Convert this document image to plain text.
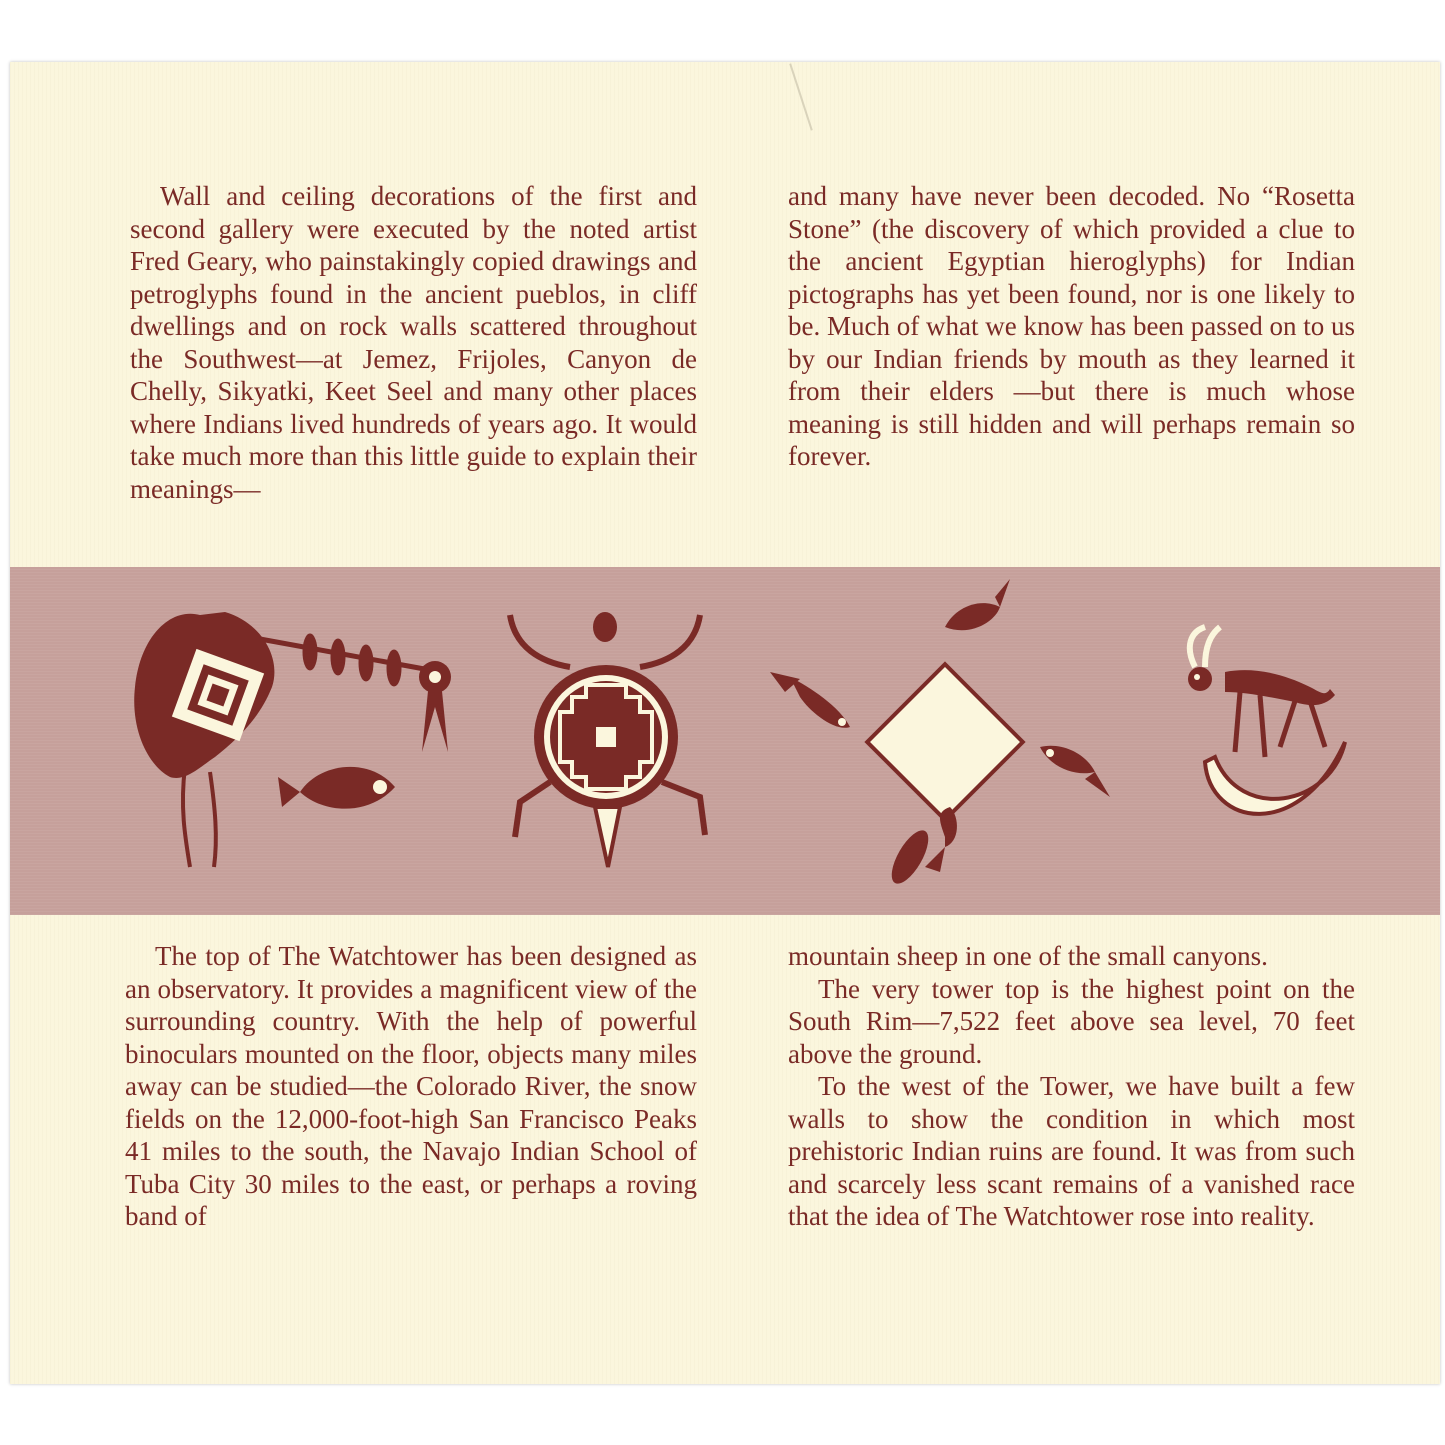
Wall and ceiling decorations of the first and second gallery were executed by the noted artist Fred Geary, who painstakingly copied drawings and petroglyphs found in the ancient pueblos, in cliff dwellings and on rock walls scattered throughout the Southwest—at Jemez, Frijoles, Canyon de Chelly, Sikyatki, Keet Seel and many other places where Indians lived hundreds of years ago. It would take much more than this little guide to explain their meanings—

and many have never been decoded. No “Rosetta Stone” (the discovery of which provided a clue to the ancient Egyptian hieroglyphs) for Indian pictographs has yet been found, nor is one likely to be. Much of what we know has been passed on to us by our Indian friends by mouth as they learned it from their elders —but there is much whose meaning is still hidden and will perhaps remain so forever.

The top of The Watchtower has been designed as an observatory. It provides a magnificent view of the surrounding country. With the help of powerful binoculars mounted on the floor, objects many miles away can be studied—the Colorado River, the snow fields on the 12,000-foot-high San Francisco Peaks 41 miles to the south, the Navajo Indian School of Tuba City 30 miles to the east, or perhaps a roving band of

mountain sheep in one of the small canyons.

The very tower top is the highest point on the South Rim—7,522 feet above sea level, 70 feet above the ground.

To the west of the Tower, we have built a few walls to show the condition in which most prehistoric Indian ruins are found. It was from such and scarcely less scant remains of a vanished race that the idea of The Watchtower rose into reality.
